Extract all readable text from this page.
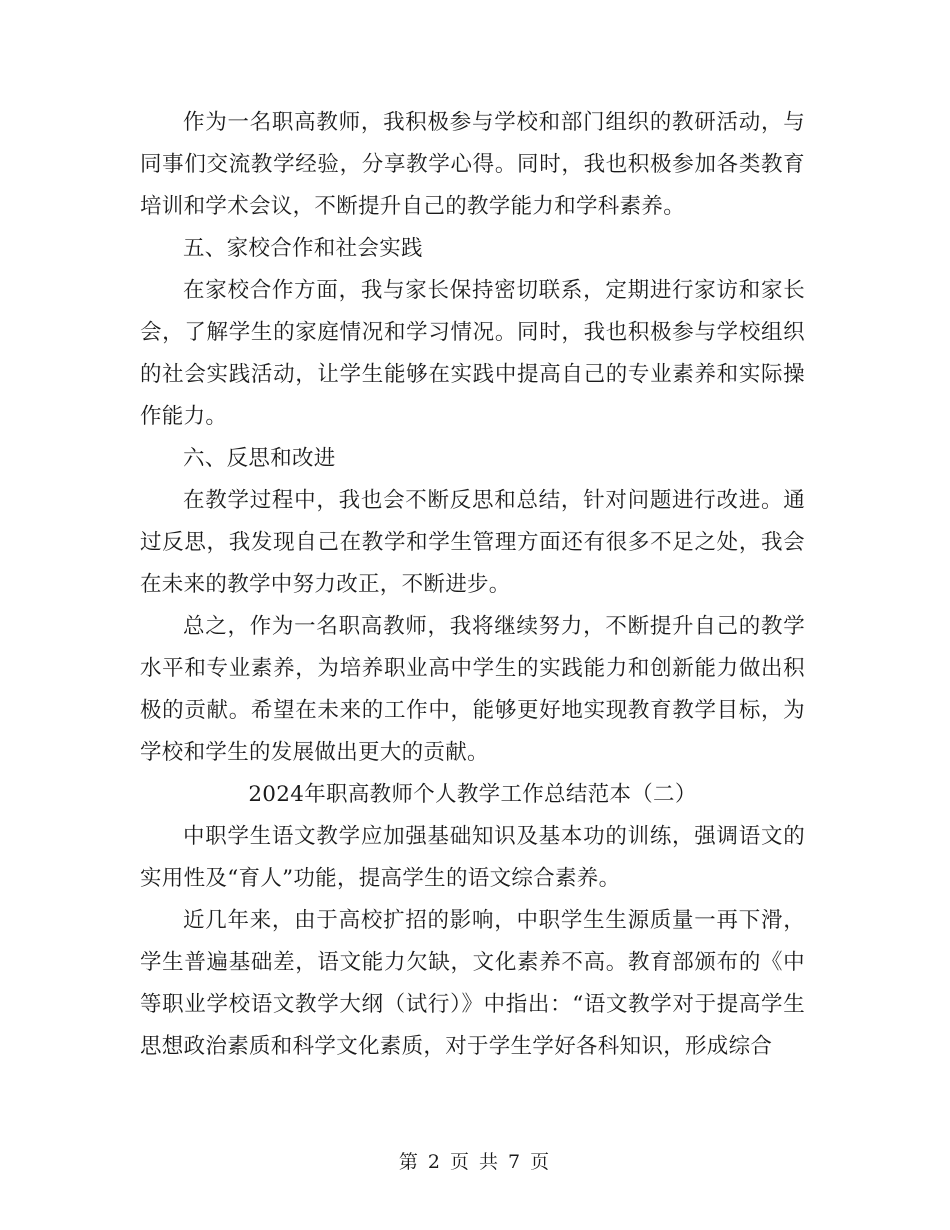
作为一名职高教师，我积极参与学校和部门组织的教研活动，与同事们交流教学经验，分享教学心得。同时，我也积极参加各类教育培训和学术会议，不断提升自己的教学能力和学科素养。

五、家校合作和社会实践

在家校合作方面，我与家长保持密切联系，定期进行家访和家长会，了解学生的家庭情况和学习情况。同时，我也积极参与学校组织的社会实践活动，让学生能够在实践中提高自己的专业素养和实际操作能力。

六、反思和改进

在教学过程中，我也会不断反思和总结，针对问题进行改进。通过反思，我发现自己在教学和学生管理方面还有很多不足之处，我会在未来的教学中努力改正，不断进步。

总之，作为一名职高教师，我将继续努力，不断提升自己的教学水平和专业素养，为培养职业高中学生的实践能力和创新能力做出积极的贡献。希望在未来的工作中，能够更好地实现教育教学目标，为学校和学生的发展做出更大的贡献。

2024年职高教师个人教学工作总结范本（二）

中职学生语文教学应加强基础知识及基本功的训练，强调语文的实用性及“育人”功能，提高学生的语文综合素养。

近几年来，由于高校扩招的影响，中职学生生源质量一再下滑，学生普遍基础差，语文能力欠缺，文化素养不高。教育部颁布的《中等职业学校语文教学大纲（试行）》中指出：“语文教学对于提高学生思想政治素质和科学文化素质，对于学生学好各科知识，形成综合

第 2 页 共 7 页
